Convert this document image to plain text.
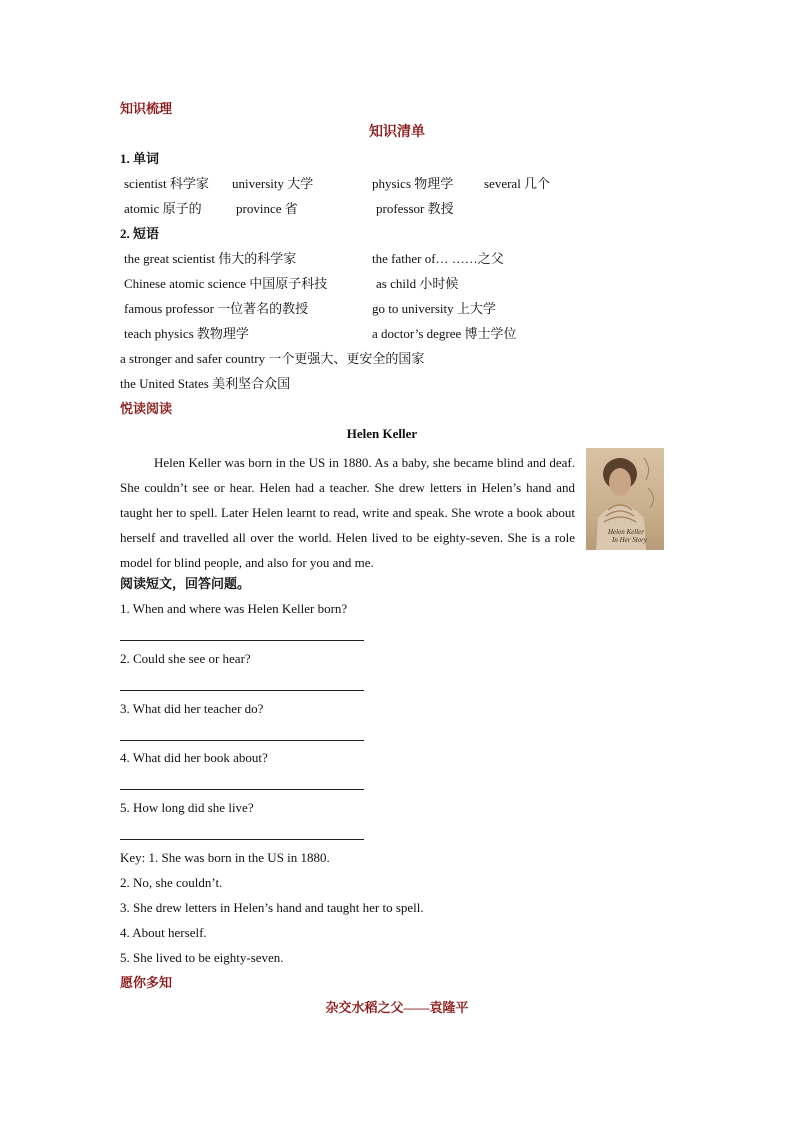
知识梳理
知识清单
1. 单词
scientist 科学家 university 大学	physics 物理学 several 几个
atomic 原子的	province 省	professor 教授
2. 短语
the great scientist 伟大的科学家	the father of… ……之父
Chinese atomic science 中国原子科技	as child 小时候
famous professor 一位著名的教授	go to university 上大学
teach physics 教物理学	a doctor’s degree 博士学位
a stronger and safer country 一个更强大、更安全的国家
the United States 美利坚合众国
悦读阅读
Helen Keller
Helen Keller was born in the US in 1880. As a baby, she became blind and deaf. She couldn’t see or hear. Helen had a teacher. She drew letters in Helen’s hand and taught her to spell. Later Helen learnt to read, write and speak. She wrote a book about herself and travelled all over the world. Helen lived to be eighty-seven. She is a role model for blind people, and also for you and me.
Helen Keller
In Her Story
阅读短文，回答问题。
1. When and where was Helen Keller born?
2. Could she see or hear?
3. What did her teacher do?
4. What did her book about?
5. How long did she live?
Key: 1. She was born in the US in 1880.
2. No, she couldn’t.
3. She drew letters in Helen’s hand and taught her to spell.
4. About herself.
5. She lived to be eighty-seven.
愿你多知
杂交水稻之父——袁隆平
